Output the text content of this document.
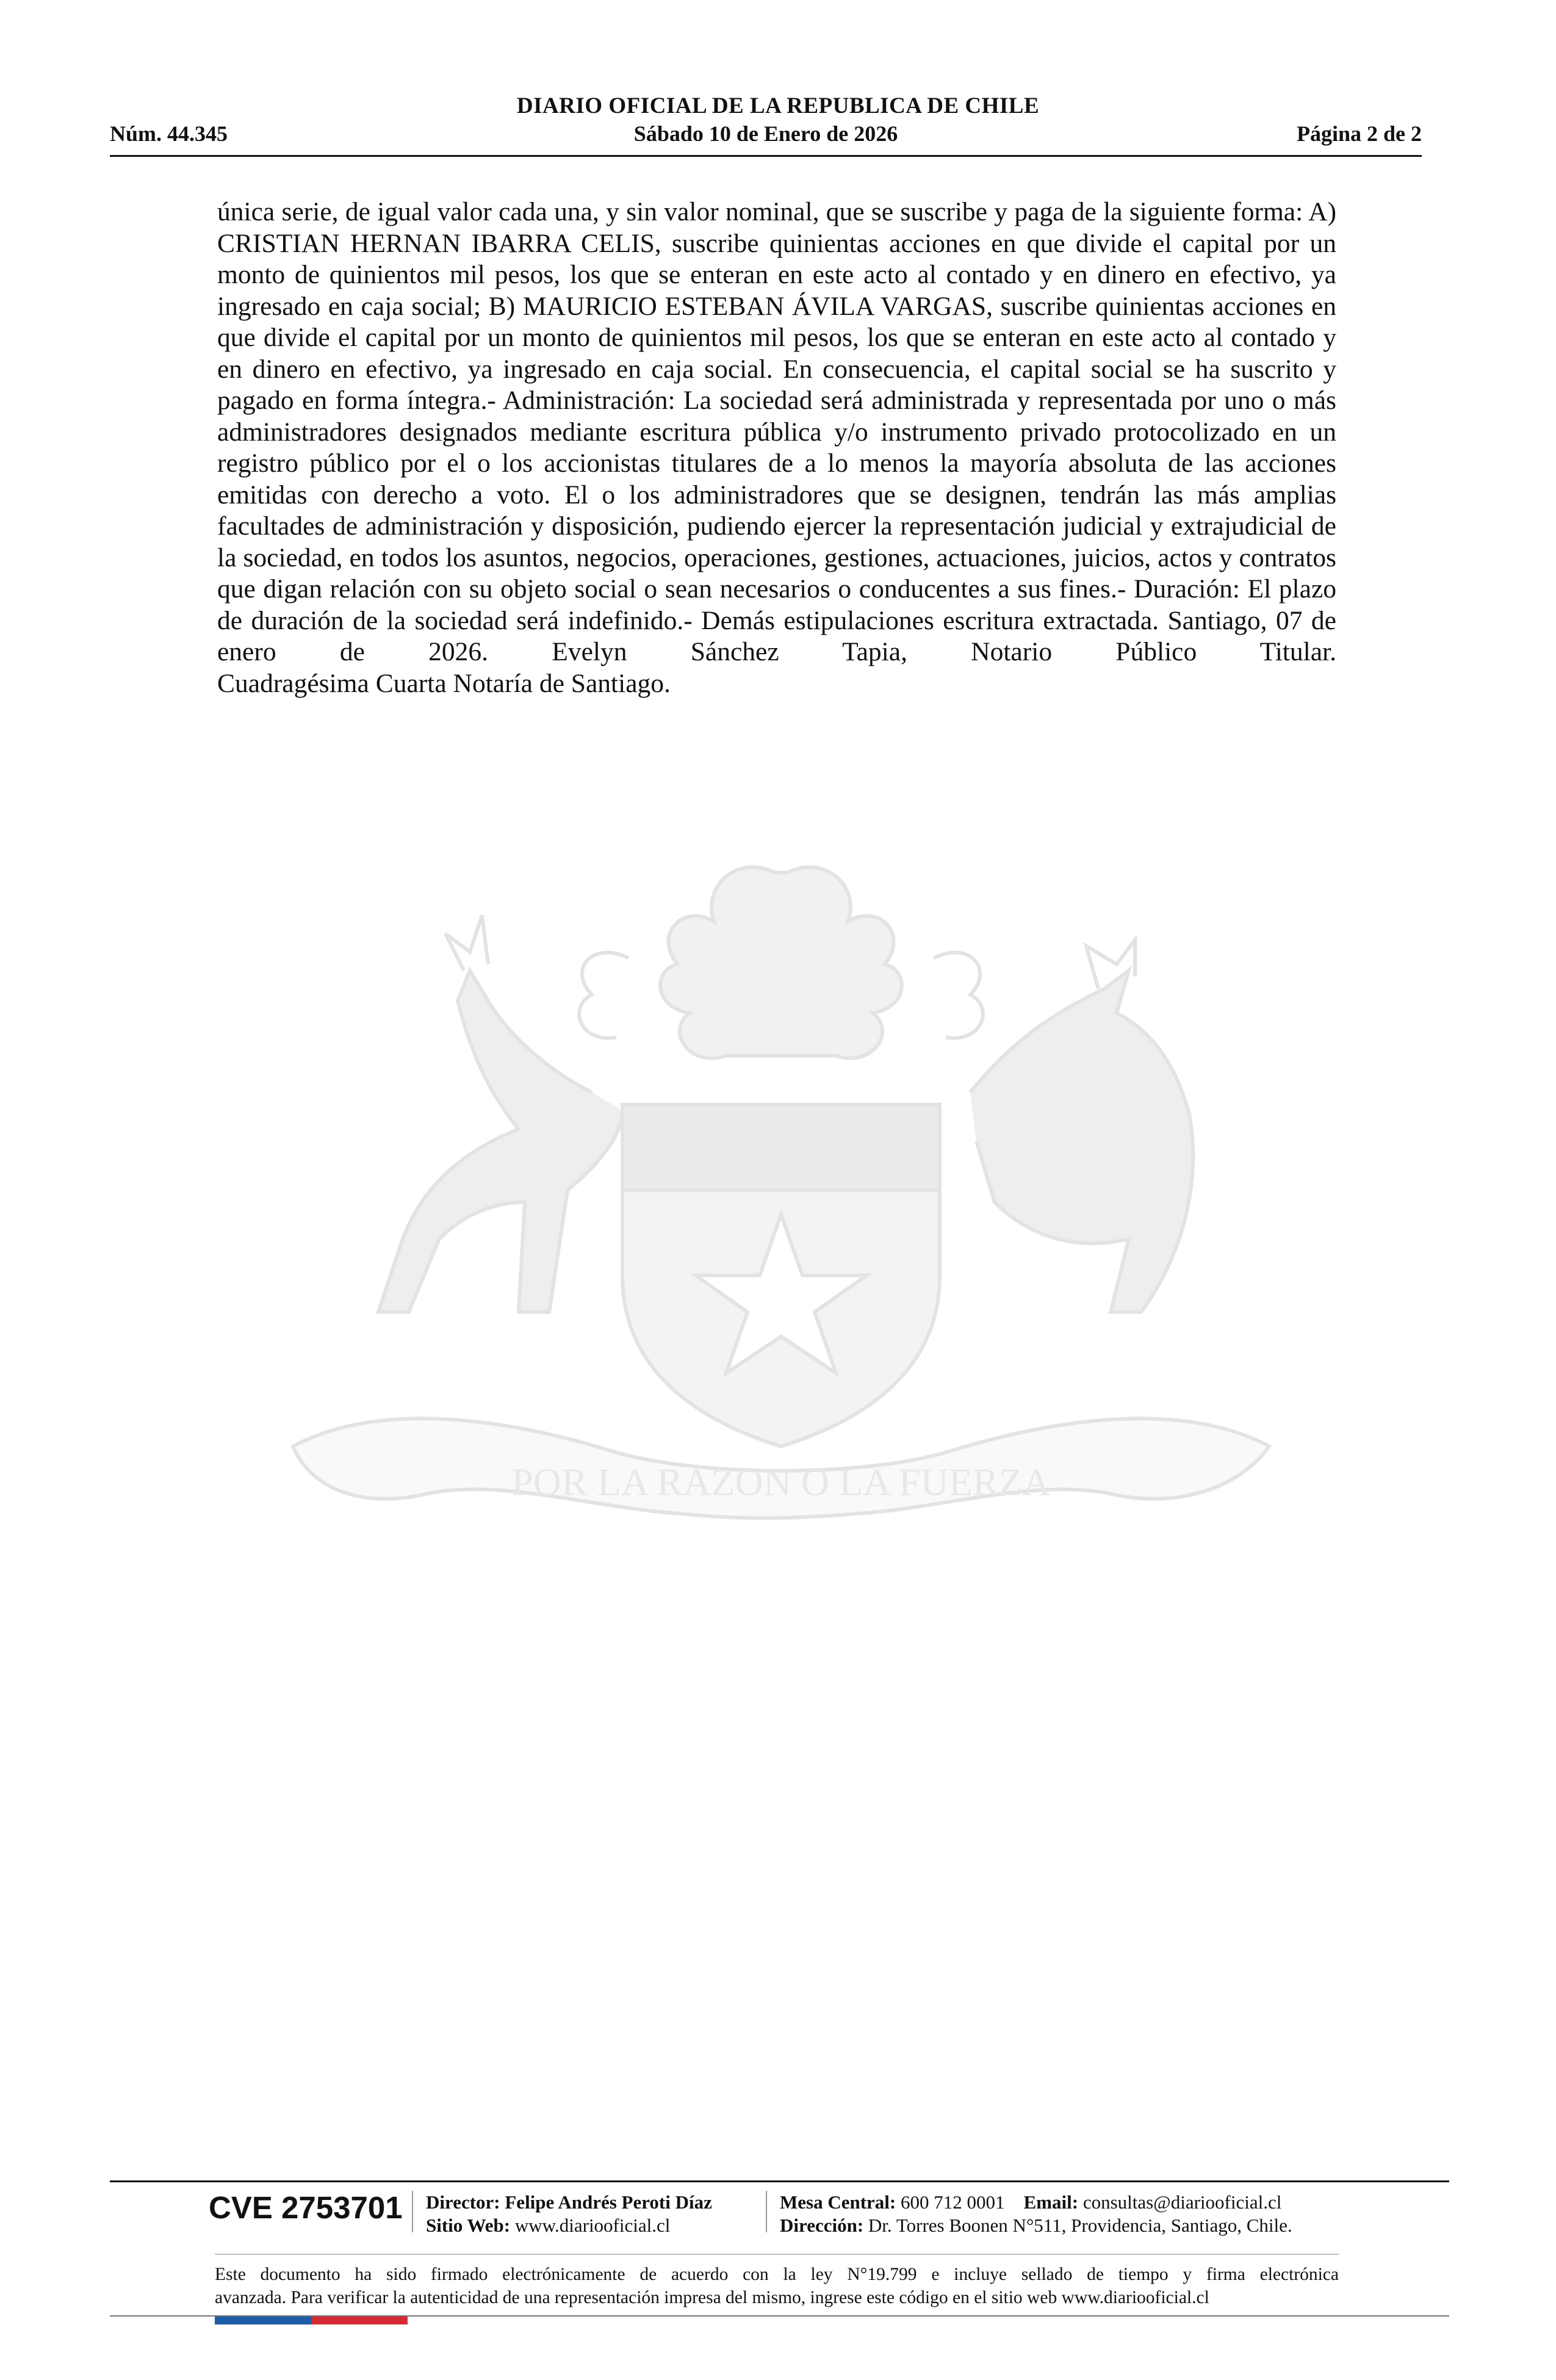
DIARIO OFICIAL DE LA REPUBLICA DE CHILE
Núm. 44.345	Sábado 10 de Enero de 2026	Página 2 de 2
POR LA RAZON O LA FUERZA
única serie, de igual valor cada una, y sin valor nominal, que se suscribe y paga de la siguiente forma: A) CRISTIAN HERNAN IBARRA CELIS, suscribe quinientas acciones en que divide el capital por un monto de quinientos mil pesos, los que se enteran en este acto al contado y en dinero en efectivo, ya ingresado en caja social; B) MAURICIO ESTEBAN ÁVILA VARGAS, suscribe quinientas acciones en que divide el capital por un monto de quinientos mil pesos, los que se enteran en este acto al contado y en dinero en efectivo, ya ingresado en caja social. En consecuencia, el capital social se ha suscrito y pagado en forma íntegra.- Administración: La sociedad será administrada y representada por uno o más administradores designados mediante escritura pública y/o instrumento privado protocolizado en un registro público por el o los accionistas titulares de a lo menos la mayoría absoluta de las acciones emitidas con derecho a voto. El o los administradores que se designen, tendrán las más amplias facultades de administración y disposición, pudiendo ejercer la representación judicial y extrajudicial de la sociedad, en todos los asuntos, negocios, operaciones, gestiones, actuaciones, juicios, actos y contratos que digan relación con su objeto social o sean necesarios o conducentes a sus fines.- Duración: El plazo de duración de la sociedad será indefinido.- Demás estipulaciones escritura extractada. Santiago, 07 de enero de 2026. Evelyn Sánchez Tapia, Notario Público Titular.
Cuadragésima Cuarta Notaría de Santiago.
CVE 2753701 Director: Felipe Andrés Peroti Díaz
Sitio Web: www.diariooficial.cl
Mesa Central: 600 712 0001 Email: consultas@diariooficial.cl
Dirección: Dr. Torres Boonen N°511, Providencia, Santiago, Chile.
Este documento ha sido firmado electrónicamente de acuerdo con la ley N°19.799 e incluye sellado de tiempo y firma electrónica
avanzada. Para verificar la autenticidad de una representación impresa del mismo, ingrese este código en el sitio web www.diariooficial.cl
